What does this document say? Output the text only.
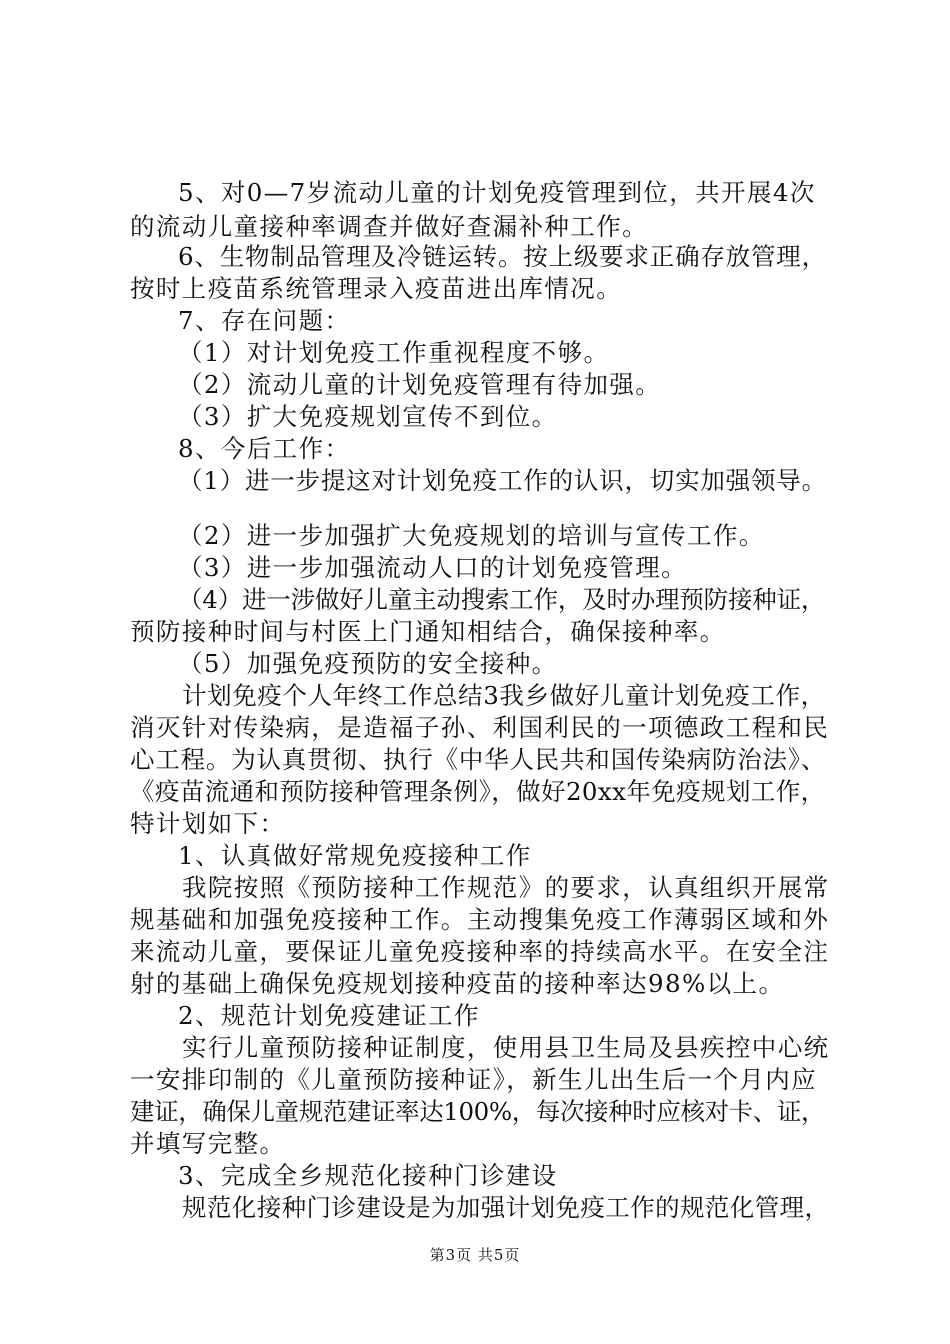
5、对0—7岁流动儿童的计划免疫管理到位，共开展4次
的流动儿童接种率调查并做好查漏补种工作。
6、生物制品管理及冷链运转。按上级要求正确存放管理，
按时上疫苗系统管理录入疫苗进出库情况。
7、存在问题：
（1）对计划免疫工作重视程度不够。
（2）流动儿童的计划免疫管理有待加强。
（3）扩大免疫规划宣传不到位。
8、今后工作：
（1）进一步提这对计划免疫工作的认识，切实加强领导。
（2）进一步加强扩大免疫规划的培训与宣传工作。
（3）进一步加强流动人口的计划免疫管理。
（4）进一涉做好儿童主动搜索工作，及时办理预防接种证，
预防接种时间与村医上门通知相结合，确保接种率。
（5）加强免疫预防的安全接种。
计划免疫个人年终工作总结3我乡做好儿童计划免疫工作，
消灭针对传染病，是造福子孙、利国利民的一项德政工程和民
心工程。为认真贯彻、执行《中华人民共和国传染病防治法》、
《疫苗流通和预防接种管理条例》，做好20xx年免疫规划工作，
特计划如下：
1、认真做好常规免疫接种工作
我院按照《预防接种工作规范》的要求，认真组织开展常
规基础和加强免疫接种工作。主动搜集免疫工作薄弱区域和外
来流动儿童，要保证儿童免疫接种率的持续高水平。在安全注
射的基础上确保免疫规划接种疫苗的接种率达98%以上。
2、规范计划免疫建证工作
实行儿童预防接种证制度，使用县卫生局及县疾控中心统
一安排印制的《儿童预防接种证》，新生儿出生后一个月内应
建证，确保儿童规范建证率达100%，每次接种时应核对卡、证，
并填写完整。
3、完成全乡规范化接种门诊建设
规范化接种门诊建设是为加强计划免疫工作的规范化管理，
第3页 共5页
